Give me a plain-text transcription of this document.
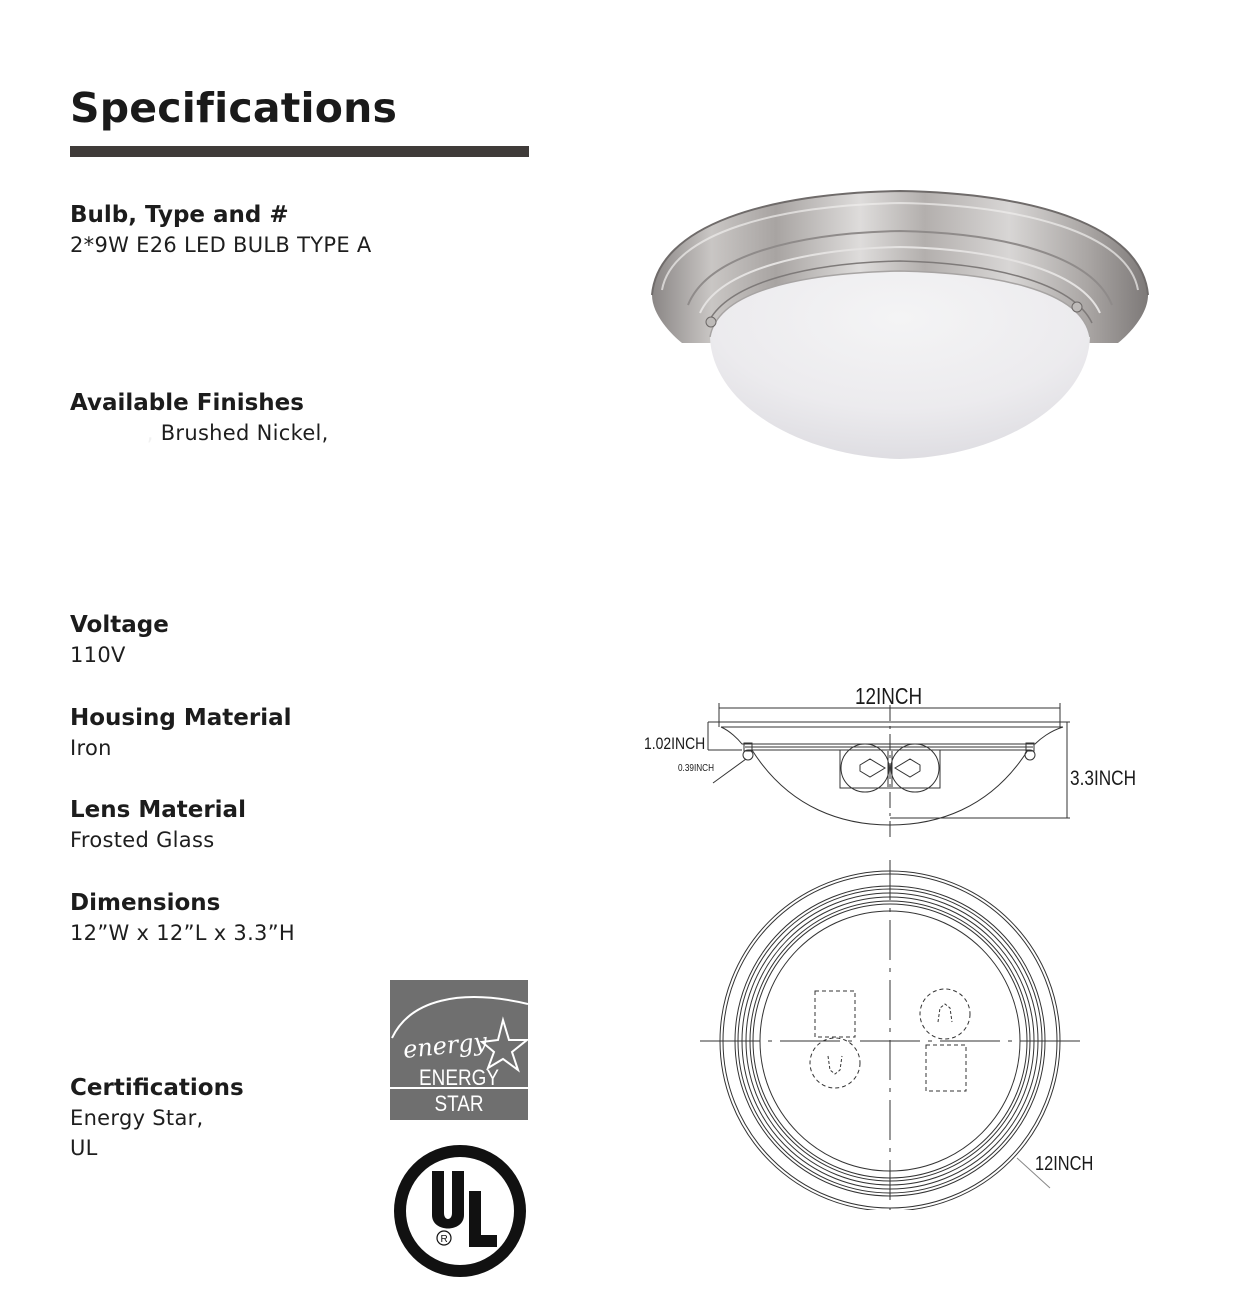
Specifications
Bulb, Type and #
2*9W E26 LED BULB TYPE A
Available Finishes
, Brushed Nickel,
Voltage
110V
Housing Material
Iron
Lens Material
Frosted Glass
Dimensions
12”W x 12”L x 3.3”H
Certifications
Energy Star,
UL
12INCH
1.02INCH
0.39INCH	3.3INCH
12INCH
energy
ENERGY STAR
R
